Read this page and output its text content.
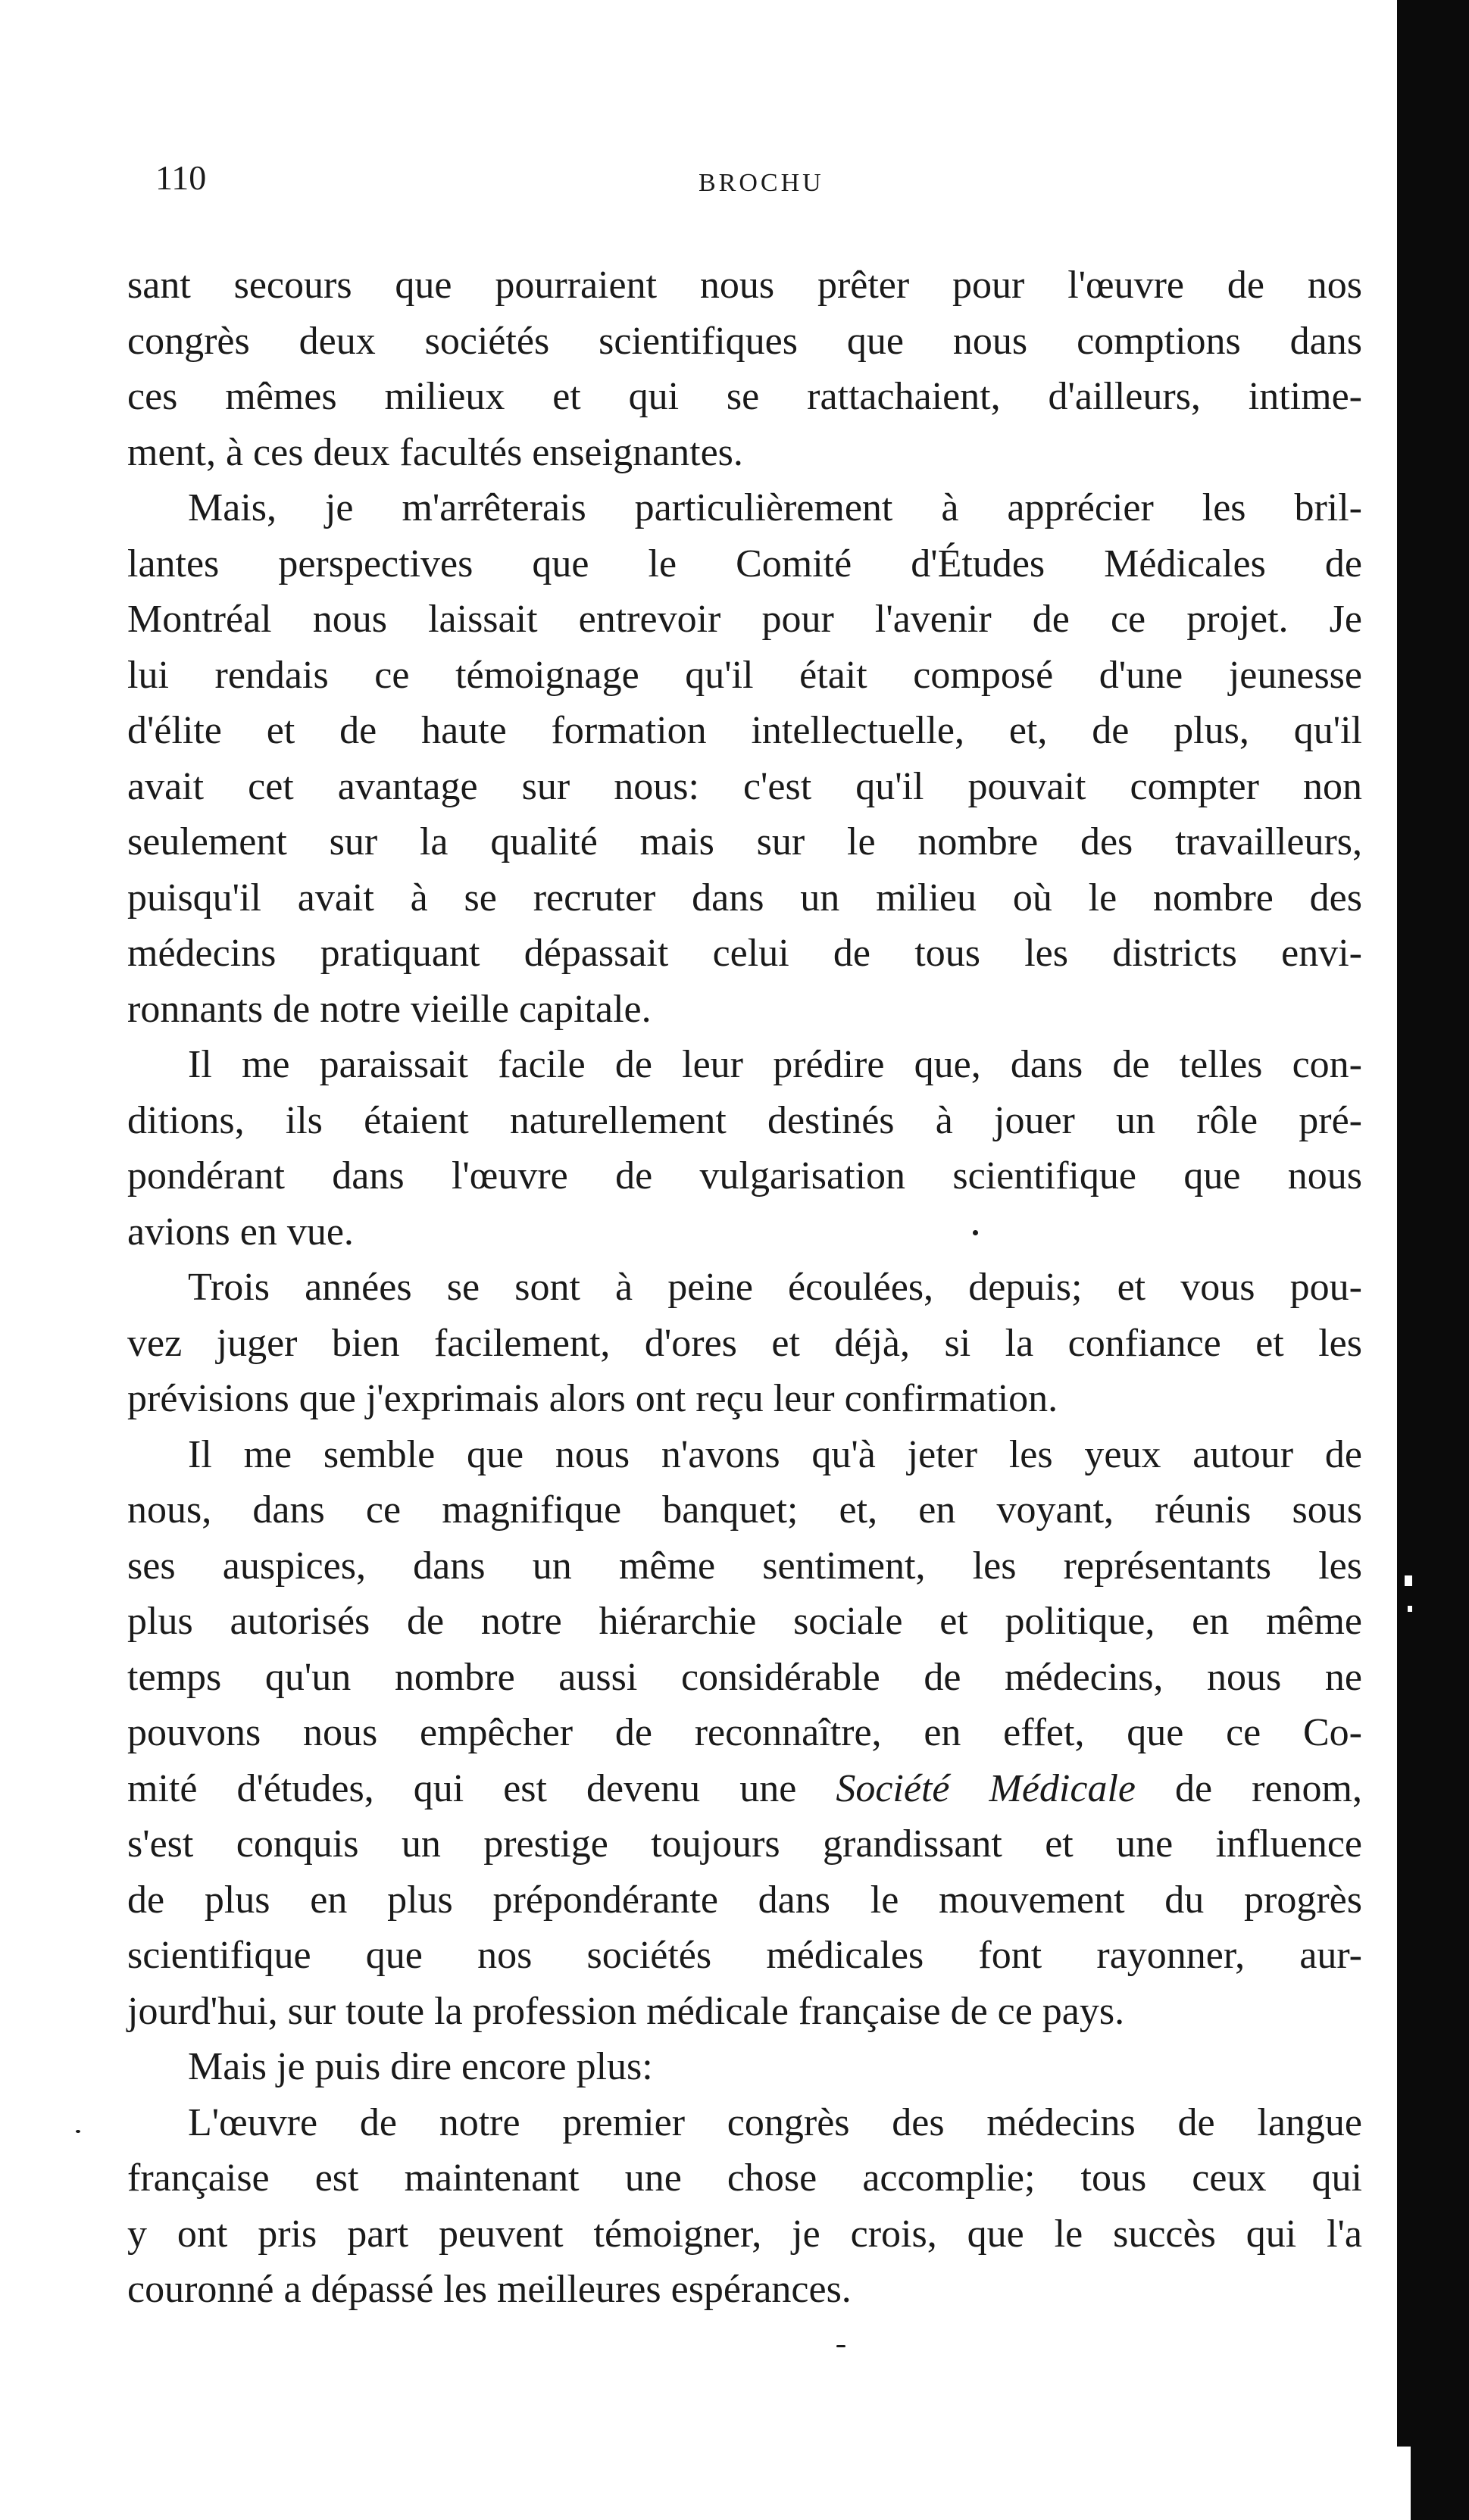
110	BROCHU
sant secours que pourraient nous prêter pour l'œuvre de nos
congrès deux sociétés scientifiques que nous comptions dans
ces mêmes milieux et qui se rattachaient, d'ailleurs, intime-
ment, à ces deux facultés enseignantes.
Mais, je m'arrêterais particulièrement à apprécier les bril-
lantes perspectives que le Comité d'Études Médicales de
Montréal nous laissait entrevoir pour l'avenir de ce projet. Je
lui rendais ce témoignage qu'il était composé d'une jeunesse
d'élite et de haute formation intellectuelle, et, de plus, qu'il
avait cet avantage sur nous: c'est qu'il pouvait compter non
seulement sur la qualité mais sur le nombre des travailleurs,
puisqu'il avait à se recruter dans un milieu où le nombre des
médecins pratiquant dépassait celui de tous les districts envi-
ronnants de notre vieille capitale.
Il me paraissait facile de leur prédire que, dans de telles con-
ditions, ils étaient naturellement destinés à jouer un rôle pré-
pondérant dans l'œuvre de vulgarisation scientifique que nous
avions en vue.
Trois années se sont à peine écoulées, depuis; et vous pou-
vez juger bien facilement, d'ores et déjà, si la confiance et les
prévisions que j'exprimais alors ont reçu leur confirmation.
Il me semble que nous n'avons qu'à jeter les yeux autour de
nous, dans ce magnifique banquet; et, en voyant, réunis sous
ses auspices, dans un même sentiment, les représentants les
plus autorisés de notre hiérarchie sociale et politique, en même
temps qu'un nombre aussi considérable de médecins, nous ne
pouvons nous empêcher de reconnaître, en effet, que ce Co-
mité d'études, qui est devenu une Société Médicale de renom,
s'est conquis un prestige toujours grandissant et une influence
de plus en plus prépondérante dans le mouvement du progrès
scientifique que nos sociétés médicales font rayonner, aur-
jourd'hui, sur toute la profession médicale française de ce pays.
Mais je puis dire encore plus:
L'œuvre de notre premier congrès des médecins de langue
française est maintenant une chose accomplie; tous ceux qui
y ont pris part peuvent témoigner, je crois, que le succès qui l'a
couronné a dépassé les meilleures espérances.
